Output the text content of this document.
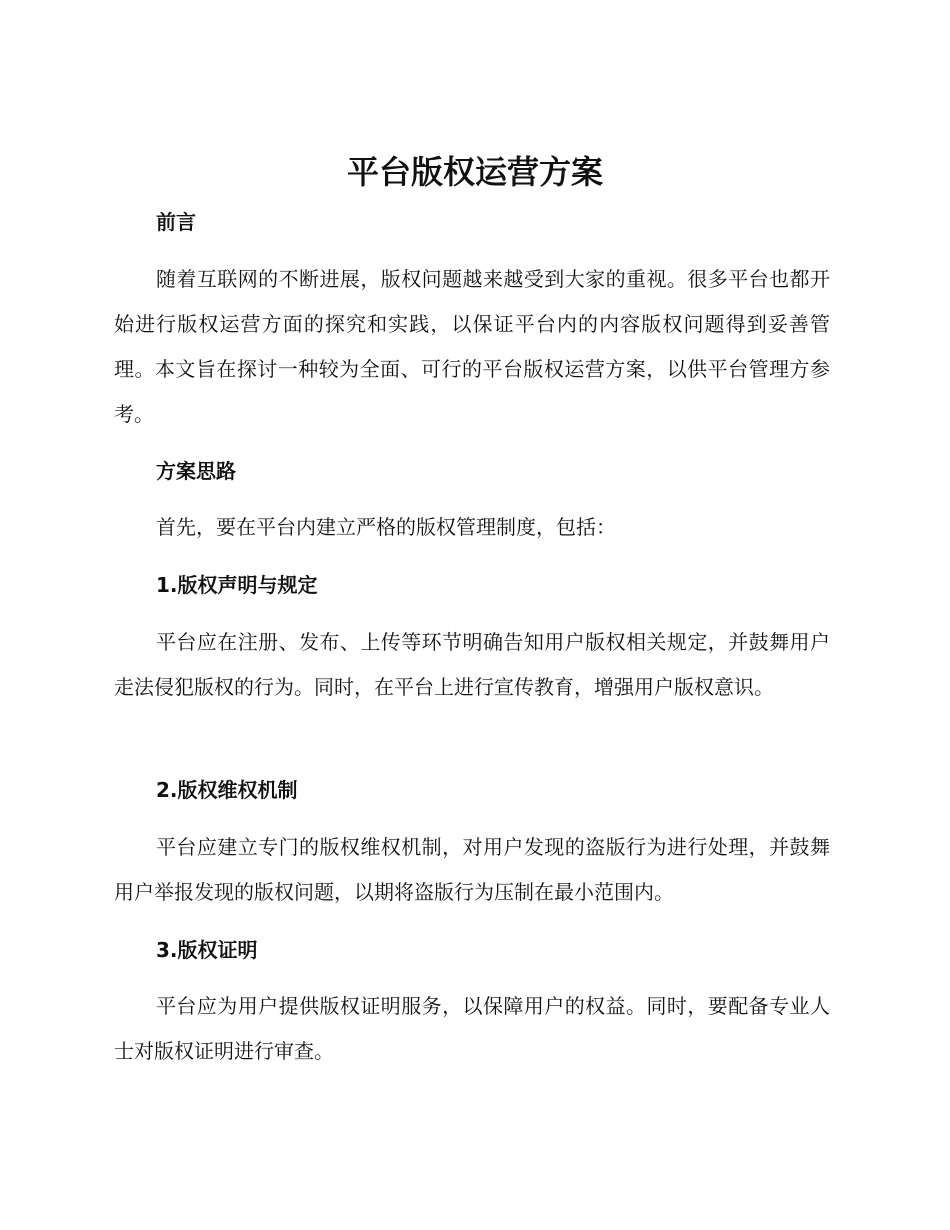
平台版权运营方案
前言

随着互联网的不断进展，版权问题越来越受到大家的重视。很多平台也都开始进行版权运营方面的探究和实践，以保证平台内的内容版权问题得到妥善管理。本文旨在探讨一种较为全面、可行的平台版权运营方案，以供平台管理方参考。

方案思路

首先，要在平台内建立严格的版权管理制度，包括：

1.版权声明与规定

平台应在注册、发布、上传等环节明确告知用户版权相关规定，并鼓舞用户走法侵犯版权的行为。同时，在平台上进行宣传教育，增强用户版权意识。

2.版权维权机制

平台应建立专门的版权维权机制，对用户发现的盗版行为进行处理，并鼓舞用户举报发现的版权问题，以期将盗版行为压制在最小范围内。

3.版权证明

平台应为用户提供版权证明服务，以保障用户的权益。同时，要配备专业人士对版权证明进行审查。
